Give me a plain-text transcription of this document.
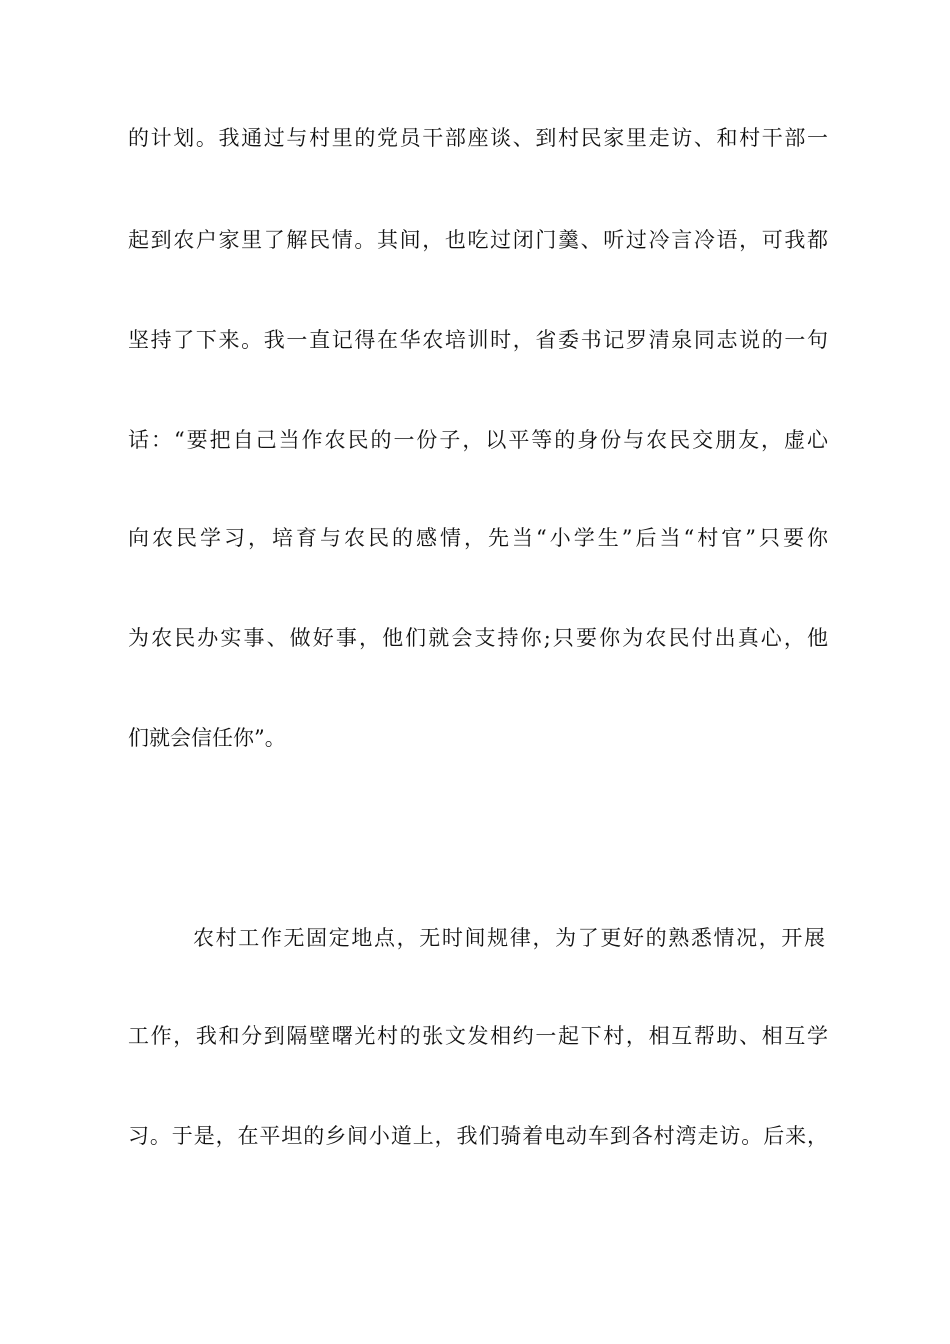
的计划。我通过与村里的党员干部座谈、到村民家里走访、和村干部一
起到农户家里了解民情。其间，也吃过闭门羹、听过冷言冷语，可我都
坚持了下来。我一直记得在华农培训时，省委书记罗清泉同志说的一句
话：“要把自己当作农民的一份子，以平等的身份与农民交朋友，虚心
向农民学习，培育与农民的感情，先当“小学生”后当“村官”只要你
为农民办实事、做好事，他们就会支持你;只要你为农民付出真心，他
们就会信任你”。
农村工作无固定地点，无时间规律，为了更好的熟悉情况，开展
工作，我和分到隔壁曙光村的张文发相约一起下村，相互帮助、相互学
习。于是，在平坦的乡间小道上，我们骑着电动车到各村湾走访。后来，
